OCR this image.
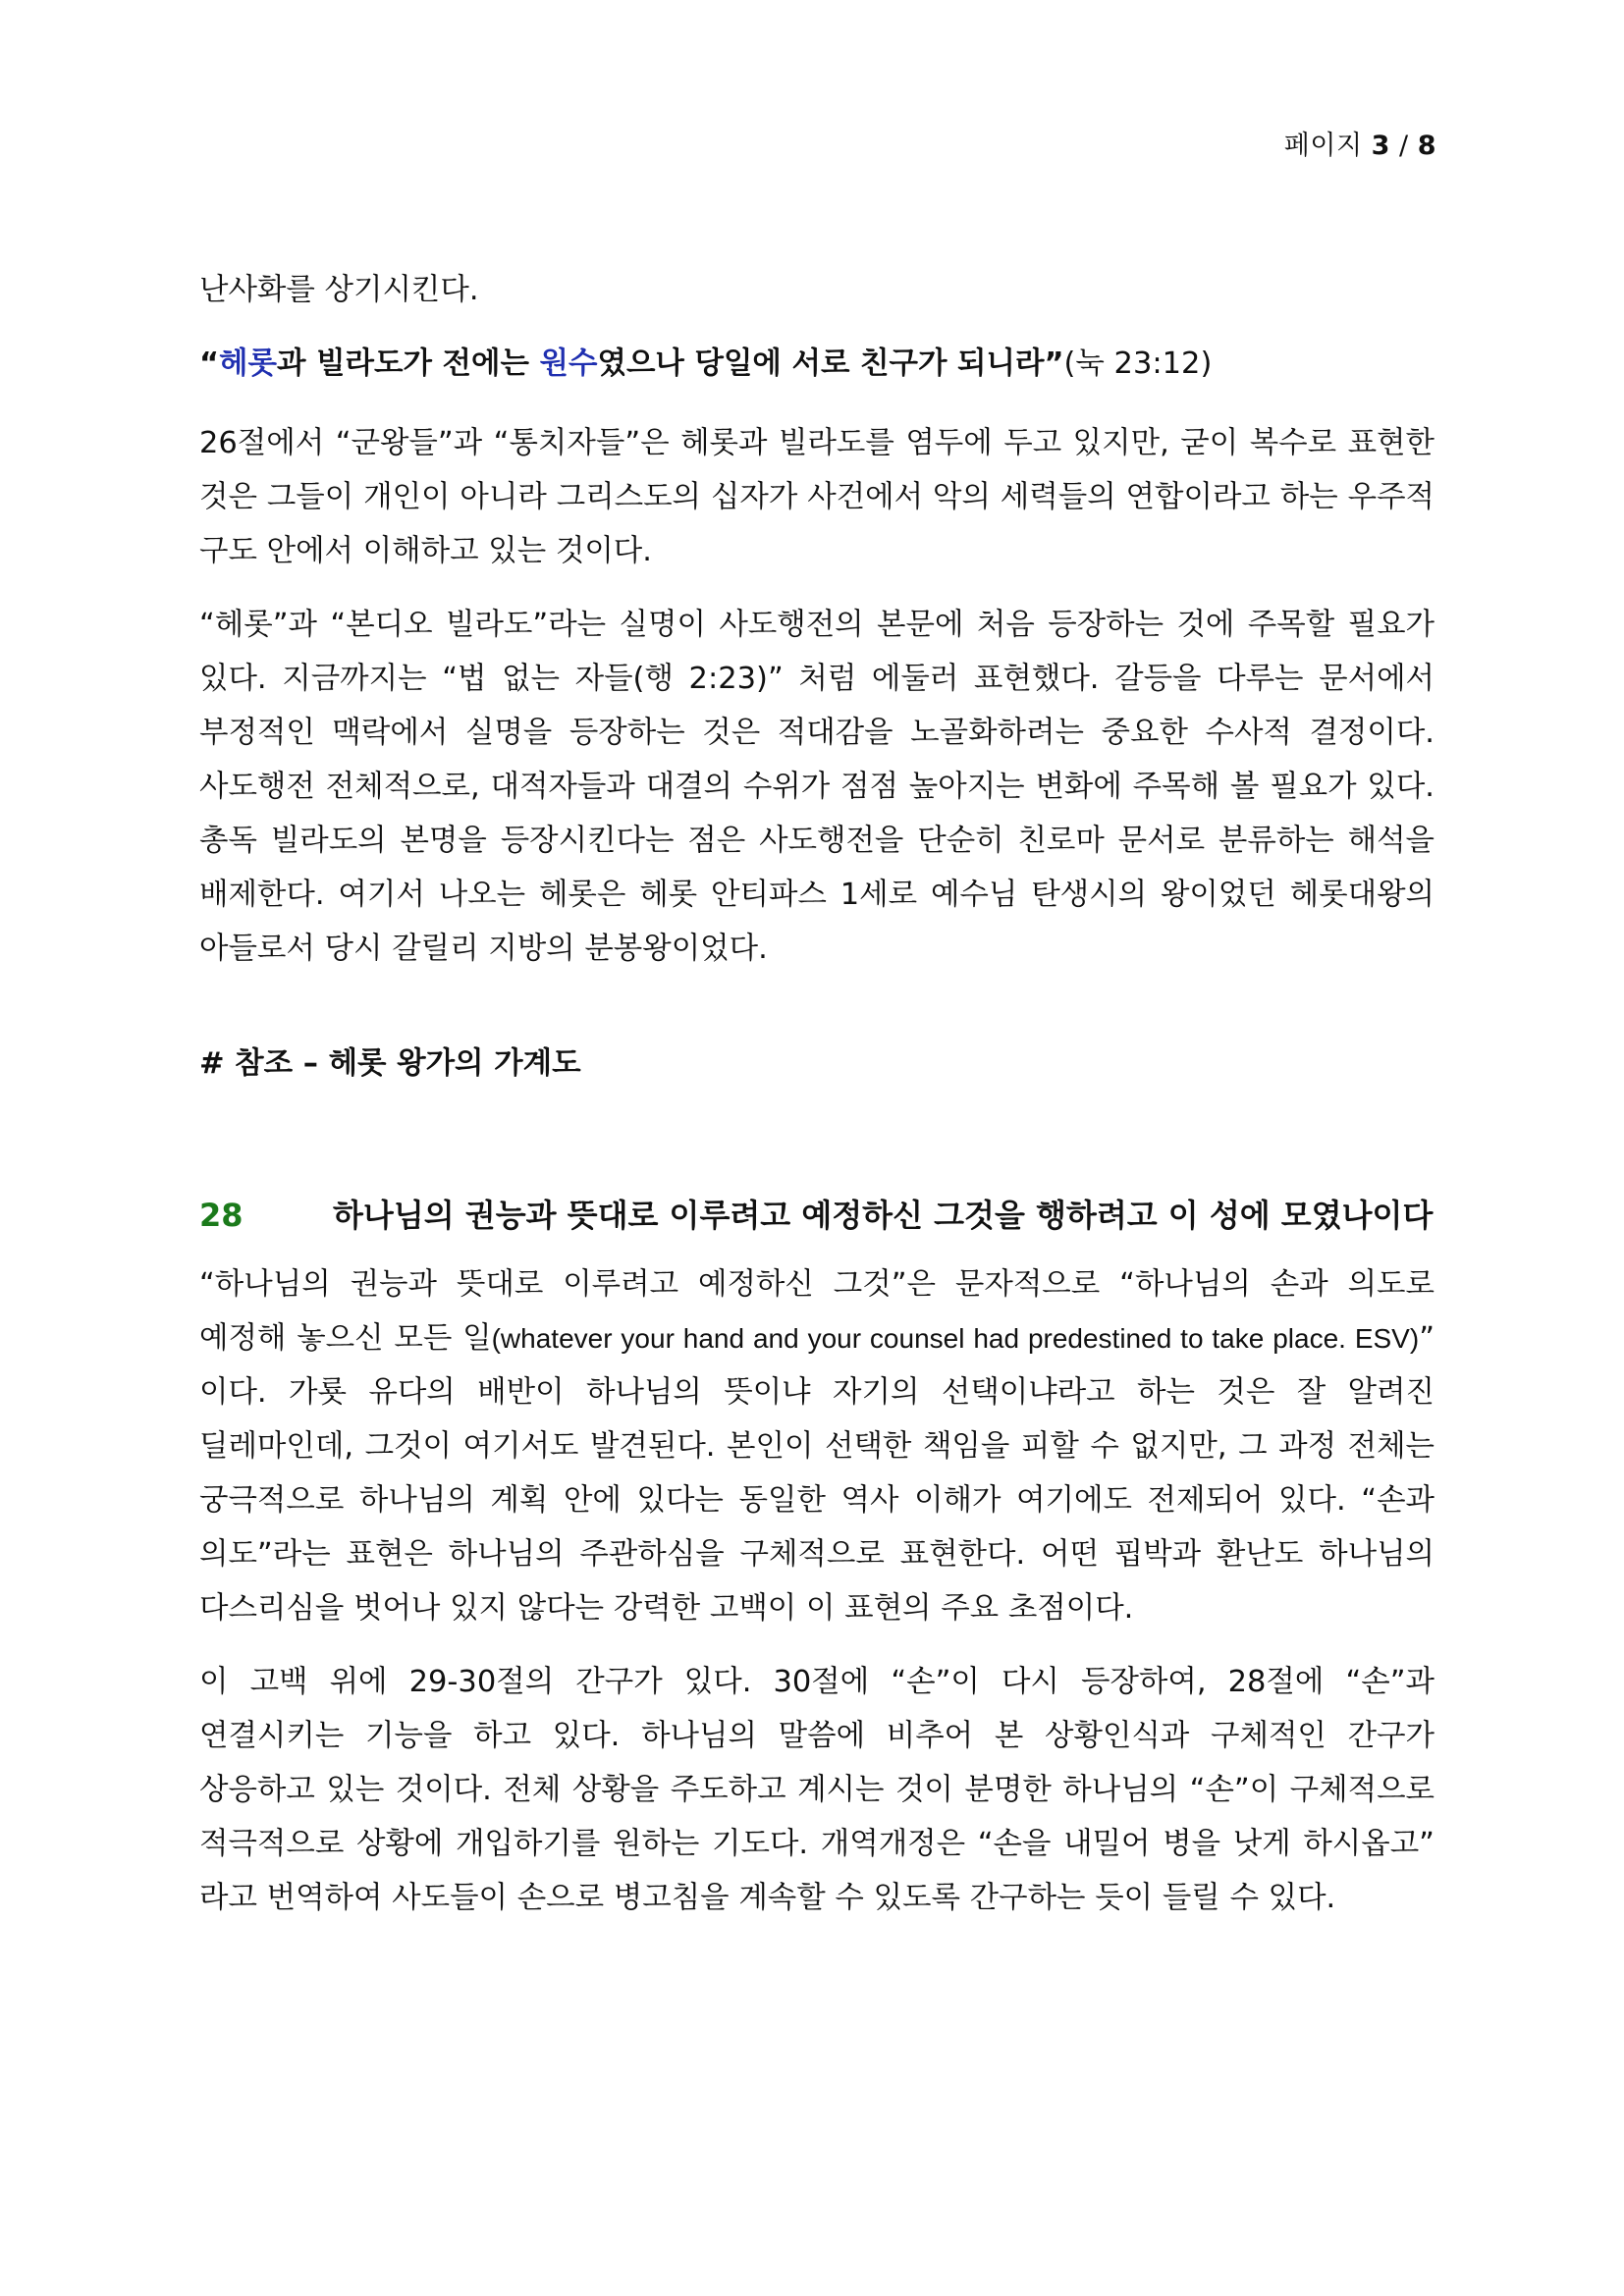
페이지 3 / 8

난사화를 상기시킨다.

“헤롯과 빌라도가 전에는 원수였으나 당일에 서로 친구가 되니라”(눅 23:12)

26절에서 “군왕들”과 “통치자들”은 헤롯과 빌라도를 염두에 두고 있지만, 굳이 복수로 표현한 것은 그들이 개인이 아니라 그리스도의 십자가 사건에서 악의 세력들의 연합이라고 하는 우주적 구도 안에서 이해하고 있는 것이다.

“헤롯”과 “본디오 빌라도”라는 실명이 사도행전의 본문에 처음 등장하는 것에 주목할 필요가 있다. 지금까지는 “법 없는 자들(행 2:23)” 처럼 에둘러 표현했다. 갈등을 다루는 문서에서 부정적인 맥락에서 실명을 등장하는 것은 적대감을 노골화하려는 중요한 수사적 결정이다. 사도행전 전체적으로, 대적자들과 대결의 수위가 점점 높아지는 변화에 주목해 볼 필요가 있다. 총독 빌라도의 본명을 등장시킨다는 점은 사도행전을 단순히 친로마 문서로 분류하는 해석을 배제한다. 여기서 나오는 헤롯은 헤롯 안티파스 1세로 예수님 탄생시의 왕이었던 헤롯대왕의 아들로서 당시 갈릴리 지방의 분봉왕이었다.

# 참조 – 헤롯 왕가의 가계도
28	하나님의 권능과 뜻대로 이루려고 예정하신 그것을 행하려고 이 성에 모였나이다

“하나님의 권능과 뜻대로 이루려고 예정하신 그것”은 문자적으로 “하나님의 손과 의도로 예정해 놓으신 모든 일(whatever your hand and your counsel had predestined to take place. ESV)” 이다. 가룟 유다의 배반이 하나님의 뜻이냐 자기의 선택이냐라고 하는 것은 잘 알려진 딜레마인데, 그것이 여기서도 발견된다. 본인이 선택한 책임을 피할 수 없지만, 그 과정 전체는 궁극적으로 하나님의 계획 안에 있다는 동일한 역사 이해가 여기에도 전제되어 있다. “손과 의도”라는 표현은 하나님의 주관하심을 구체적으로 표현한다. 어떤 핍박과 환난도 하나님의 다스리심을 벗어나 있지 않다는 강력한 고백이 이 표현의 주요 초점이다.

이 고백 위에 29-30절의 간구가 있다. 30절에 “손”이 다시 등장하여, 28절에 “손”과 연결시키는 기능을 하고 있다. 하나님의 말씀에 비추어 본 상황인식과 구체적인 간구가 상응하고 있는 것이다. 전체 상황을 주도하고 계시는 것이 분명한 하나님의 “손”이 구체적으로 적극적으로 상황에 개입하기를 원하는 기도다. 개역개정은 “손을 내밀어 병을 낫게 하시옵고” 라고 번역하여 사도들이 손으로 병고침을 계속할 수 있도록 간구하는 듯이 들릴 수 있다.
